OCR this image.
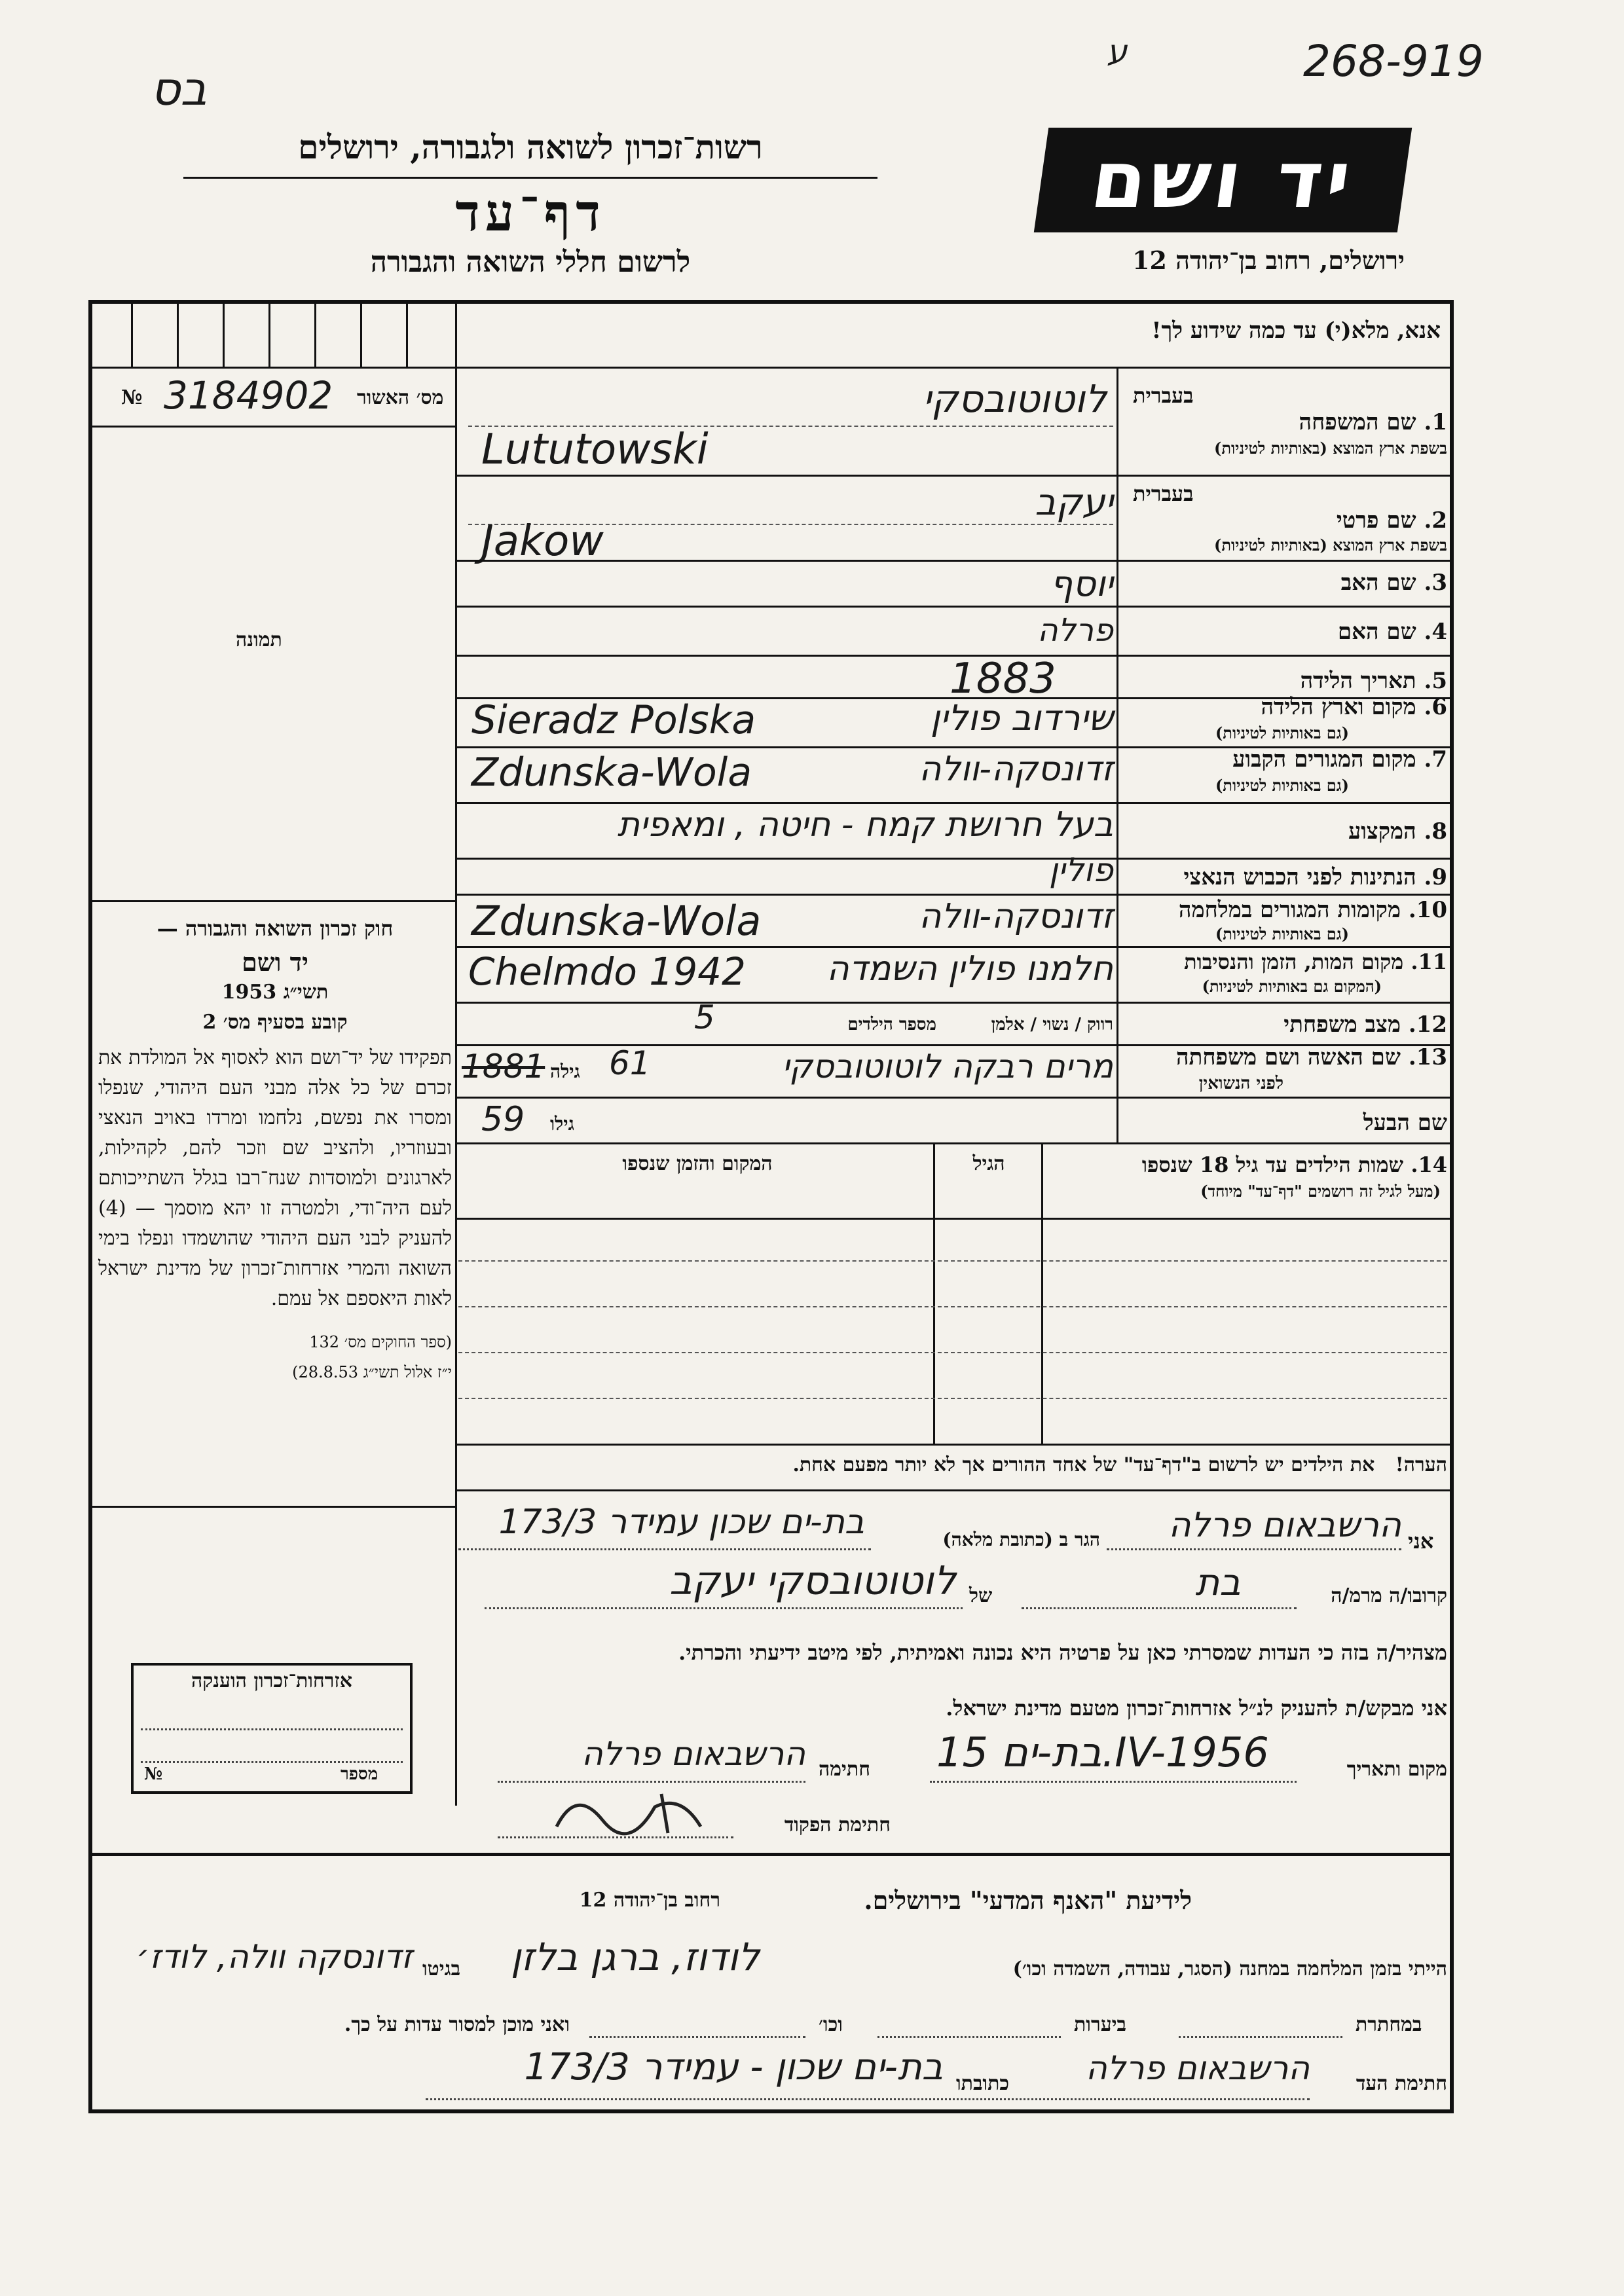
בס
ע	268-919
רשות־זכרון לשואה ולגבורה, ירושלים
דף־עד
לרשום חללי השואה והגבורה
יד ושם
ירושלים, רחוב בן־יהודה 12
אנא, מלא(י) עד כמה שידוע לך!
№ 3184902 מס׳ האשור
תמונה
בעברית
1. שם המשפחה
בשפת ארץ המוצא (באותיות לטיניות)
לוטוטובסקי
Lututowski
בעברית
2. שם פרטי
בשפת ארץ המוצא (באותיות לטיניות)
יעקב
Jakow
3. שם האב
יוסף
4. שם האם
פרלה
5. תאריך הלידה
1883
6. מקום וארץ הלידה
(גם באותיות לטיניות)
שירדוב פולין
Sieradz Polska
7. מקום המגורים הקבוע
(גם באותיות לטיניות)
זדונסקה-וולה
Zdunska-Wola
8. המקצוע
בעל חרושת קמח - חיטה , ומאפית
9. הנתינות לפני הכבוש הנאצי
פולין
10. מקומות המגורים במלחמה
(גם באותיות לטיניות)
זדונסקה-וולה
Zdunska-Wola
11. מקום המות, הזמן והנסיבות
(המקום גם באותיות לטיניות)
חלמנו פולין השמדה
Chelmdo 1942
12. מצב משפחתי
רווק / נשוי / אלמן
מספר הילדים
5
13. שם האשה ושם משפחתה
לפני הנשואין
מרים רבקה לוטוטובסקי
גילה 61
1881
שם הבעל
גילו
59
14. שמות הילדים עד גיל 18 שנספו
(מעל לגיל זה רושמים "דף־עד" מיוחד)
הגיל
המקום והזמן שנספו
הערה!   את הילדים יש לרשום ב"דף־עד" של אחד ההורים אך לא יותר מפעם אחת.
חוק זכרון השואה והגבורה —
יד ושם
תשי״ג 1953
קובע בסעיף מס׳ 2
תפקידו של יד־ושם הוא לאסוף אל המולדת את זכרם של כל אלה מבני העם היהודי, שנפלו ומסרו את נפשם, נלחמו ומרדו באויב הנאצי ובעוזריו, ולהציב שם וזכר להם, לקהילות, לארגונים ולמוסדות שנח־רבו בגלל השתייכותם לעם היה־ודי, ולמטרה זו יהא מוסמך — (4) להעניק לבני העם היהודי שהושמדו ונפלו בימי השואה והמרי אזרחות־זכרון של מדינת ישראל לאות היאספם אל עמם.
(ספר החוקים מס׳ 132
י״ז אלול תשי״ג 28.8.53)
אני
הרשבאום פרלה
הגר ב (כתובת מלאה)
בת-ים שכון עמידר 173/3
קרובו/ה מרמ/ה
בת
של
לוטוטובסקי יעקב
מצהיר/ה בזה כי העדות שמסרתי כאן על פרטיה היא נכונה ואמיתית, לפי מיטב ידיעתי והכרתי.
אני מבקש/ת להעניק לנ״ל אזרחות־זכרון מטעם מדינת ישראל.
מקום ותאריך
בת-ים 15.IV-1956
חתימה
הרשבאום פרלה
חתימת הפקוד
אזרחות־זכרון הוענקה
№	מספר
לידיעת "האנף המדעי" בירושלים.
רחוב בן־יהודה 12
הייתי בזמן המלחמה במחנה (הסגר, עבודה, השמדה וכו׳)
לודוז, ברגן בלזן
בגיטו
זדונסקה וולה, לודז׳
במחתרת
ביערות
וכו׳
ואני מוכן למסור עדות על כך.
חתימת העד
הרשבאום פרלה
כתובתו
בת-ים שכון - עמידר 173/3
